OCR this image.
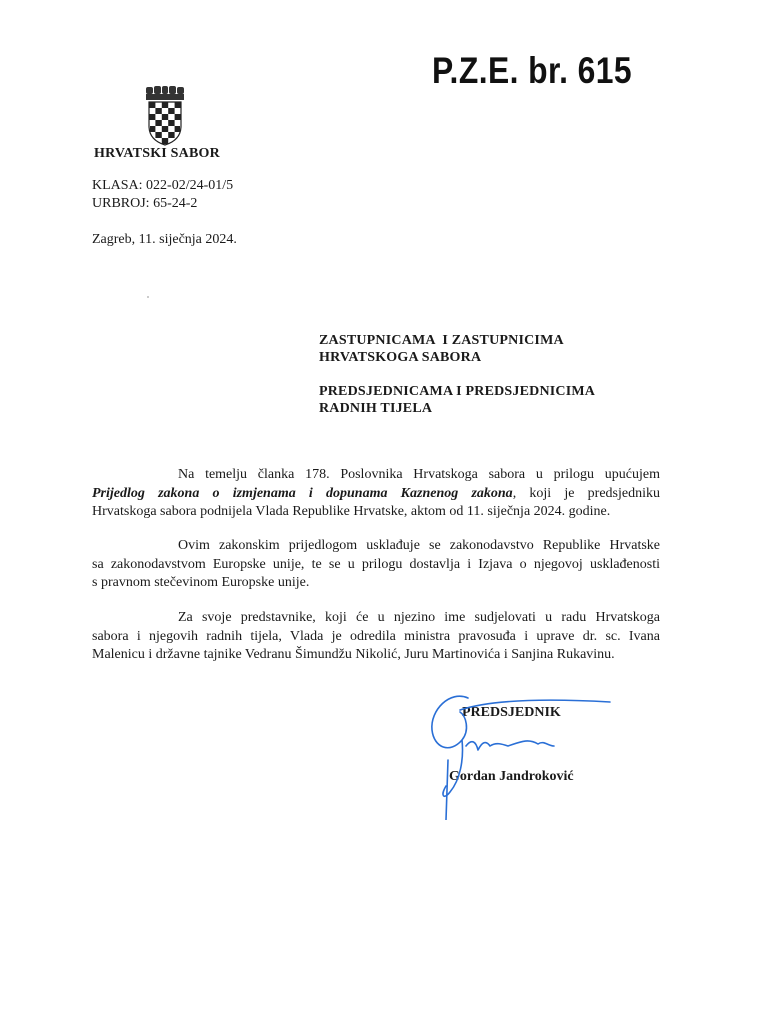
P.Z.E. br. 615
HRVATSKI SABOR
KLASA: 022-02/24-01/5
URBROJ: 65-24-2
Zagreb, 11. siječnja 2024.
ZASTUPNICAMA  I ZASTUPNICIMA
HRVATSKOGA SABORA
PREDSJEDNICAMA I PREDSJEDNICIMA
RADNIH TIJELA
Na temelju članka 178. Poslovnika Hrvatskoga sabora u prilogu upućujem
Prijedlog zakona o izmjenama i dopunama Kaznenog zakona, koji je predsjedniku
Hrvatskoga sabora podnijela Vlada Republike Hrvatske, aktom od 11. siječnja 2024. godine.
Ovim zakonskim prijedlogom usklađuje se zakonodavstvo Republike Hrvatske
sa zakonodavstvom Europske unije, te se u prilogu dostavlja i Izjava o njegovoj usklađenosti
s pravnom stečevinom Europske unije.
Za svoje predstavnike, koji će u njezino ime sudjelovati u radu Hrvatskoga
sabora i njegovih radnih tijela, Vlada je odredila ministra pravosuđa i uprave dr. sc. Ivana
Malenicu i državne tajnike Vedranu Šimundžu Nikolić, Juru Martinovića i Sanjina Rukavinu.
PREDSJEDNIK
Gordan Jandroković
